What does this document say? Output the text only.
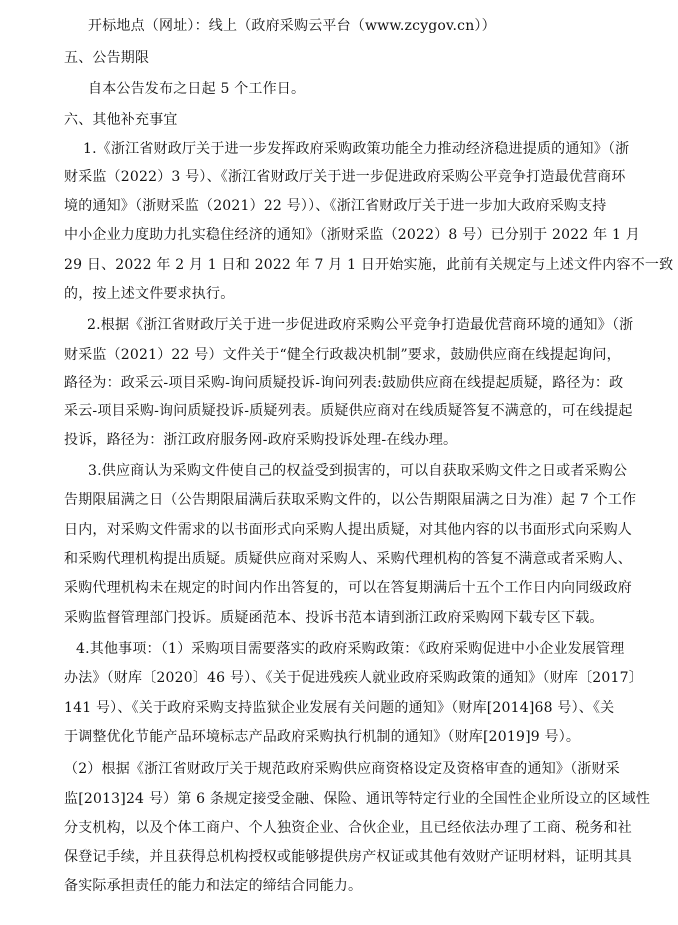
开标地点（网址）：线上（政府采购云平台（www.zcygov.cn））
五、公告期限
自本公告发布之日起 5 个工作日。
六、其他补充事宜
1.《浙江省财政厅关于进一步发挥政府采购政策功能全力推动经济稳进提质的通知》（浙
财采监（2022）3 号）、《浙江省财政厅关于进一步促进政府采购公平竞争打造最优营商环
境的通知》（浙财采监（2021）22 号））、《浙江省财政厅关于进一步加大政府采购支持
中小企业力度助力扎实稳住经济的通知》（浙财采监（2022）8 号）已分别于 2022 年 1 月
29 日、2022 年 2 月 1 日和 2022 年 7 月 1 日开始实施，此前有关规定与上述文件内容不一致
的，按上述文件要求执行。
2.根据《浙江省财政厅关于进一步促进政府采购公平竞争打造最优营商环境的通知》（浙
财采监（2021）22 号）文件关于“健全行政裁决机制”要求，鼓励供应商在线提起询问，
路径为：政采云-项目采购-询问质疑投诉-询问列表:鼓励供应商在线提起质疑，路径为：政
采云-项目采购-询问质疑投诉-质疑列表。质疑供应商对在线质疑答复不满意的，可在线提起
投诉，路径为：浙江政府服务网-政府采购投诉处理-在线办理。
3.供应商认为采购文件使自己的权益受到损害的，可以自获取采购文件之日或者采购公
告期限届满之日（公告期限届满后获取采购文件的，以公告期限届满之日为准）起 7 个工作
日内，对采购文件需求的以书面形式向采购人提出质疑，对其他内容的以书面形式向采购人
和采购代理机构提出质疑。质疑供应商对采购人、采购代理机构的答复不满意或者采购人、
采购代理机构未在规定的时间内作出答复的，可以在答复期满后十五个工作日内向同级政府
采购监督管理部门投诉。质疑函范本、投诉书范本请到浙江政府采购网下载专区下载。
4.其他事项：（1）采购项目需要落实的政府采购政策：《政府采购促进中小企业发展管理
办法》（财库〔2020〕46 号）、《关于促进残疾人就业政府采购政策的通知》（财库〔2017〕
141 号）、《关于政府采购支持监狱企业发展有关问题的通知》（财库[2014]68 号）、《关
于调整优化节能产品环境标志产品政府采购执行机制的通知》（财库[2019]9 号）。
（2）根据《浙江省财政厅关于规范政府采购供应商资格设定及资格审查的通知》（浙财采
监[2013]24 号）第 6 条规定接受金融、保险、通讯等特定行业的全国性企业所设立的区域性
分支机构，以及个体工商户、个人独资企业、合伙企业，且已经依法办理了工商、税务和社
保登记手续，并且获得总机构授权或能够提供房产权证或其他有效财产证明材料，证明其具
备实际承担责任的能力和法定的缔结合同能力。
